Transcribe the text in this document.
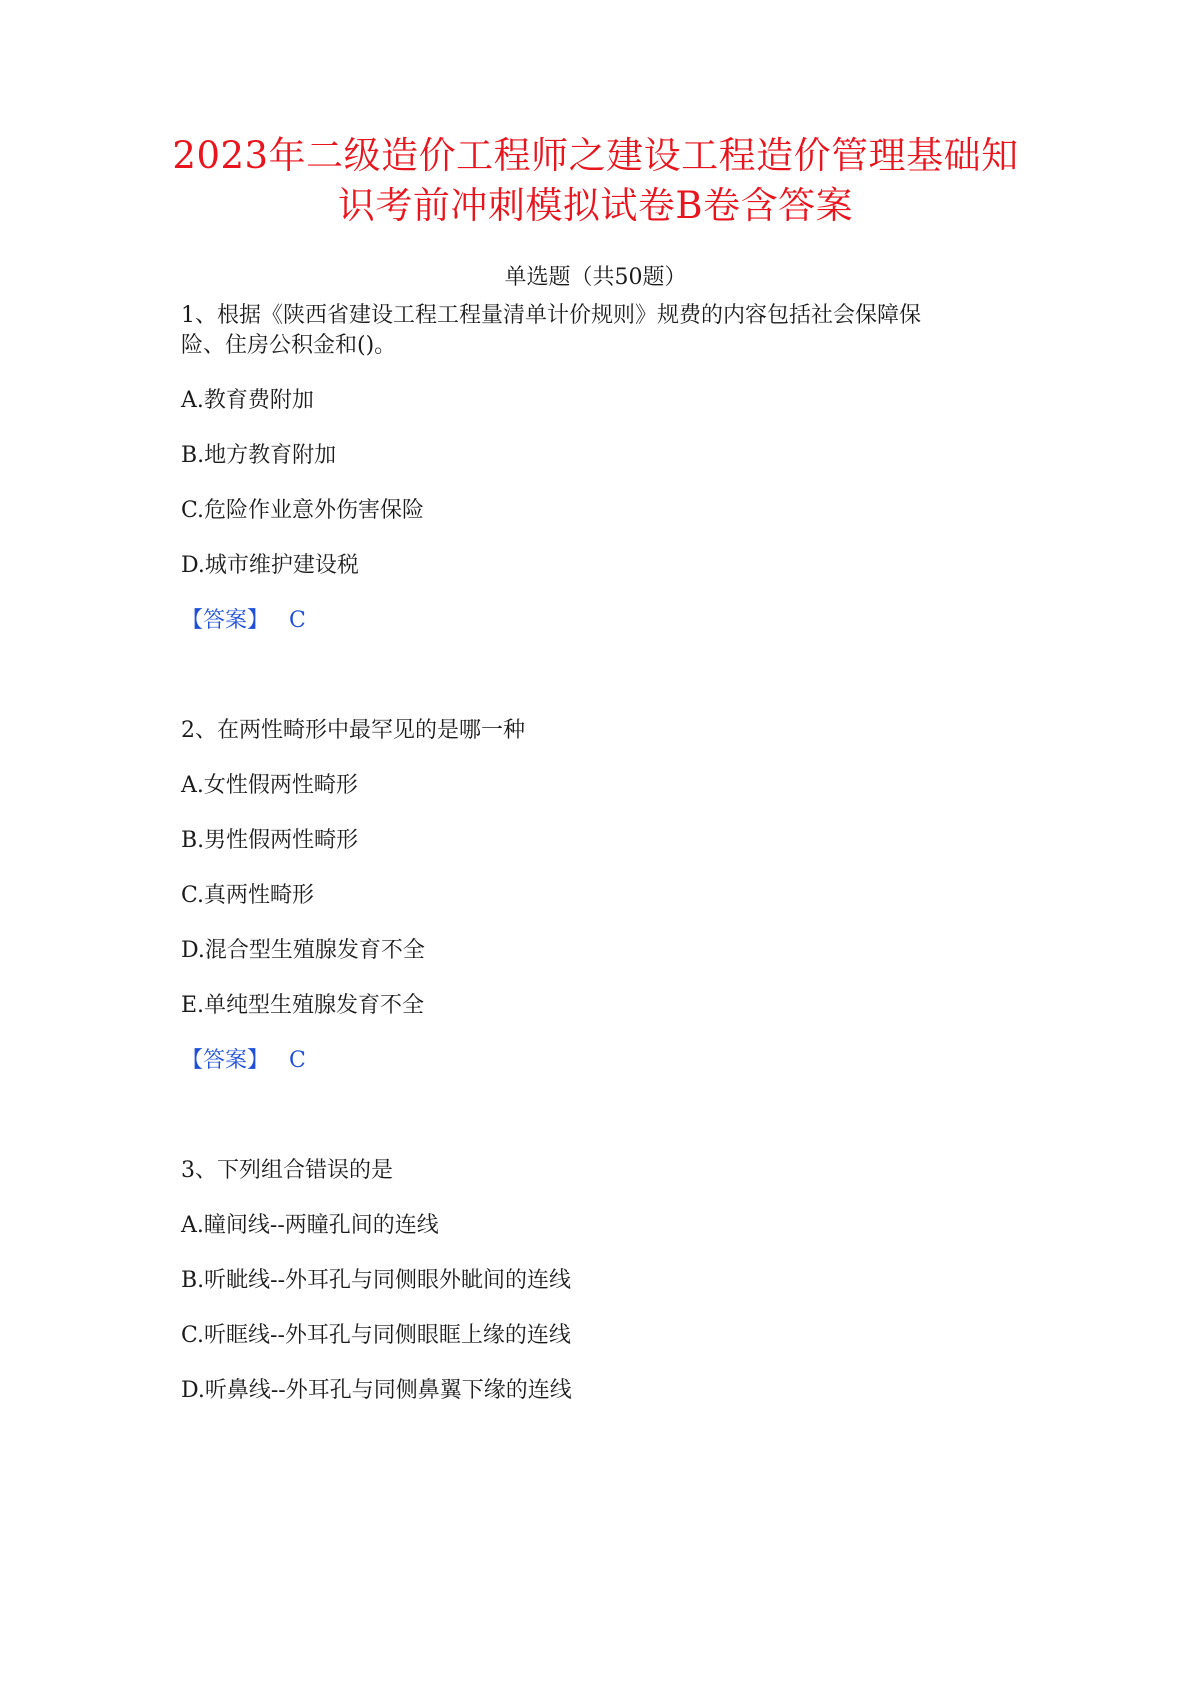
2023年二级造价工程师之建设工程造价管理基础知
识考前冲刺模拟试卷B卷含答案
单选题（共50题）
1、根据《陕西省建设工程工程量清单计价规则》规费的内容包括社会保障保
险、住房公积金和()。
A.教育费附加
B.地方教育附加
C.危险作业意外伤害保险
D.城市维护建设税
【答案】 C
2、在两性畸形中最罕见的是哪一种
A.女性假两性畸形
B.男性假两性畸形
C.真两性畸形
D.混合型生殖腺发育不全
E.单纯型生殖腺发育不全
【答案】 C
3、下列组合错误的是
A.瞳间线--两瞳孔间的连线
B.听眦线--外耳孔与同侧眼外眦间的连线
C.听眶线--外耳孔与同侧眼眶上缘的连线
D.听鼻线--外耳孔与同侧鼻翼下缘的连线
